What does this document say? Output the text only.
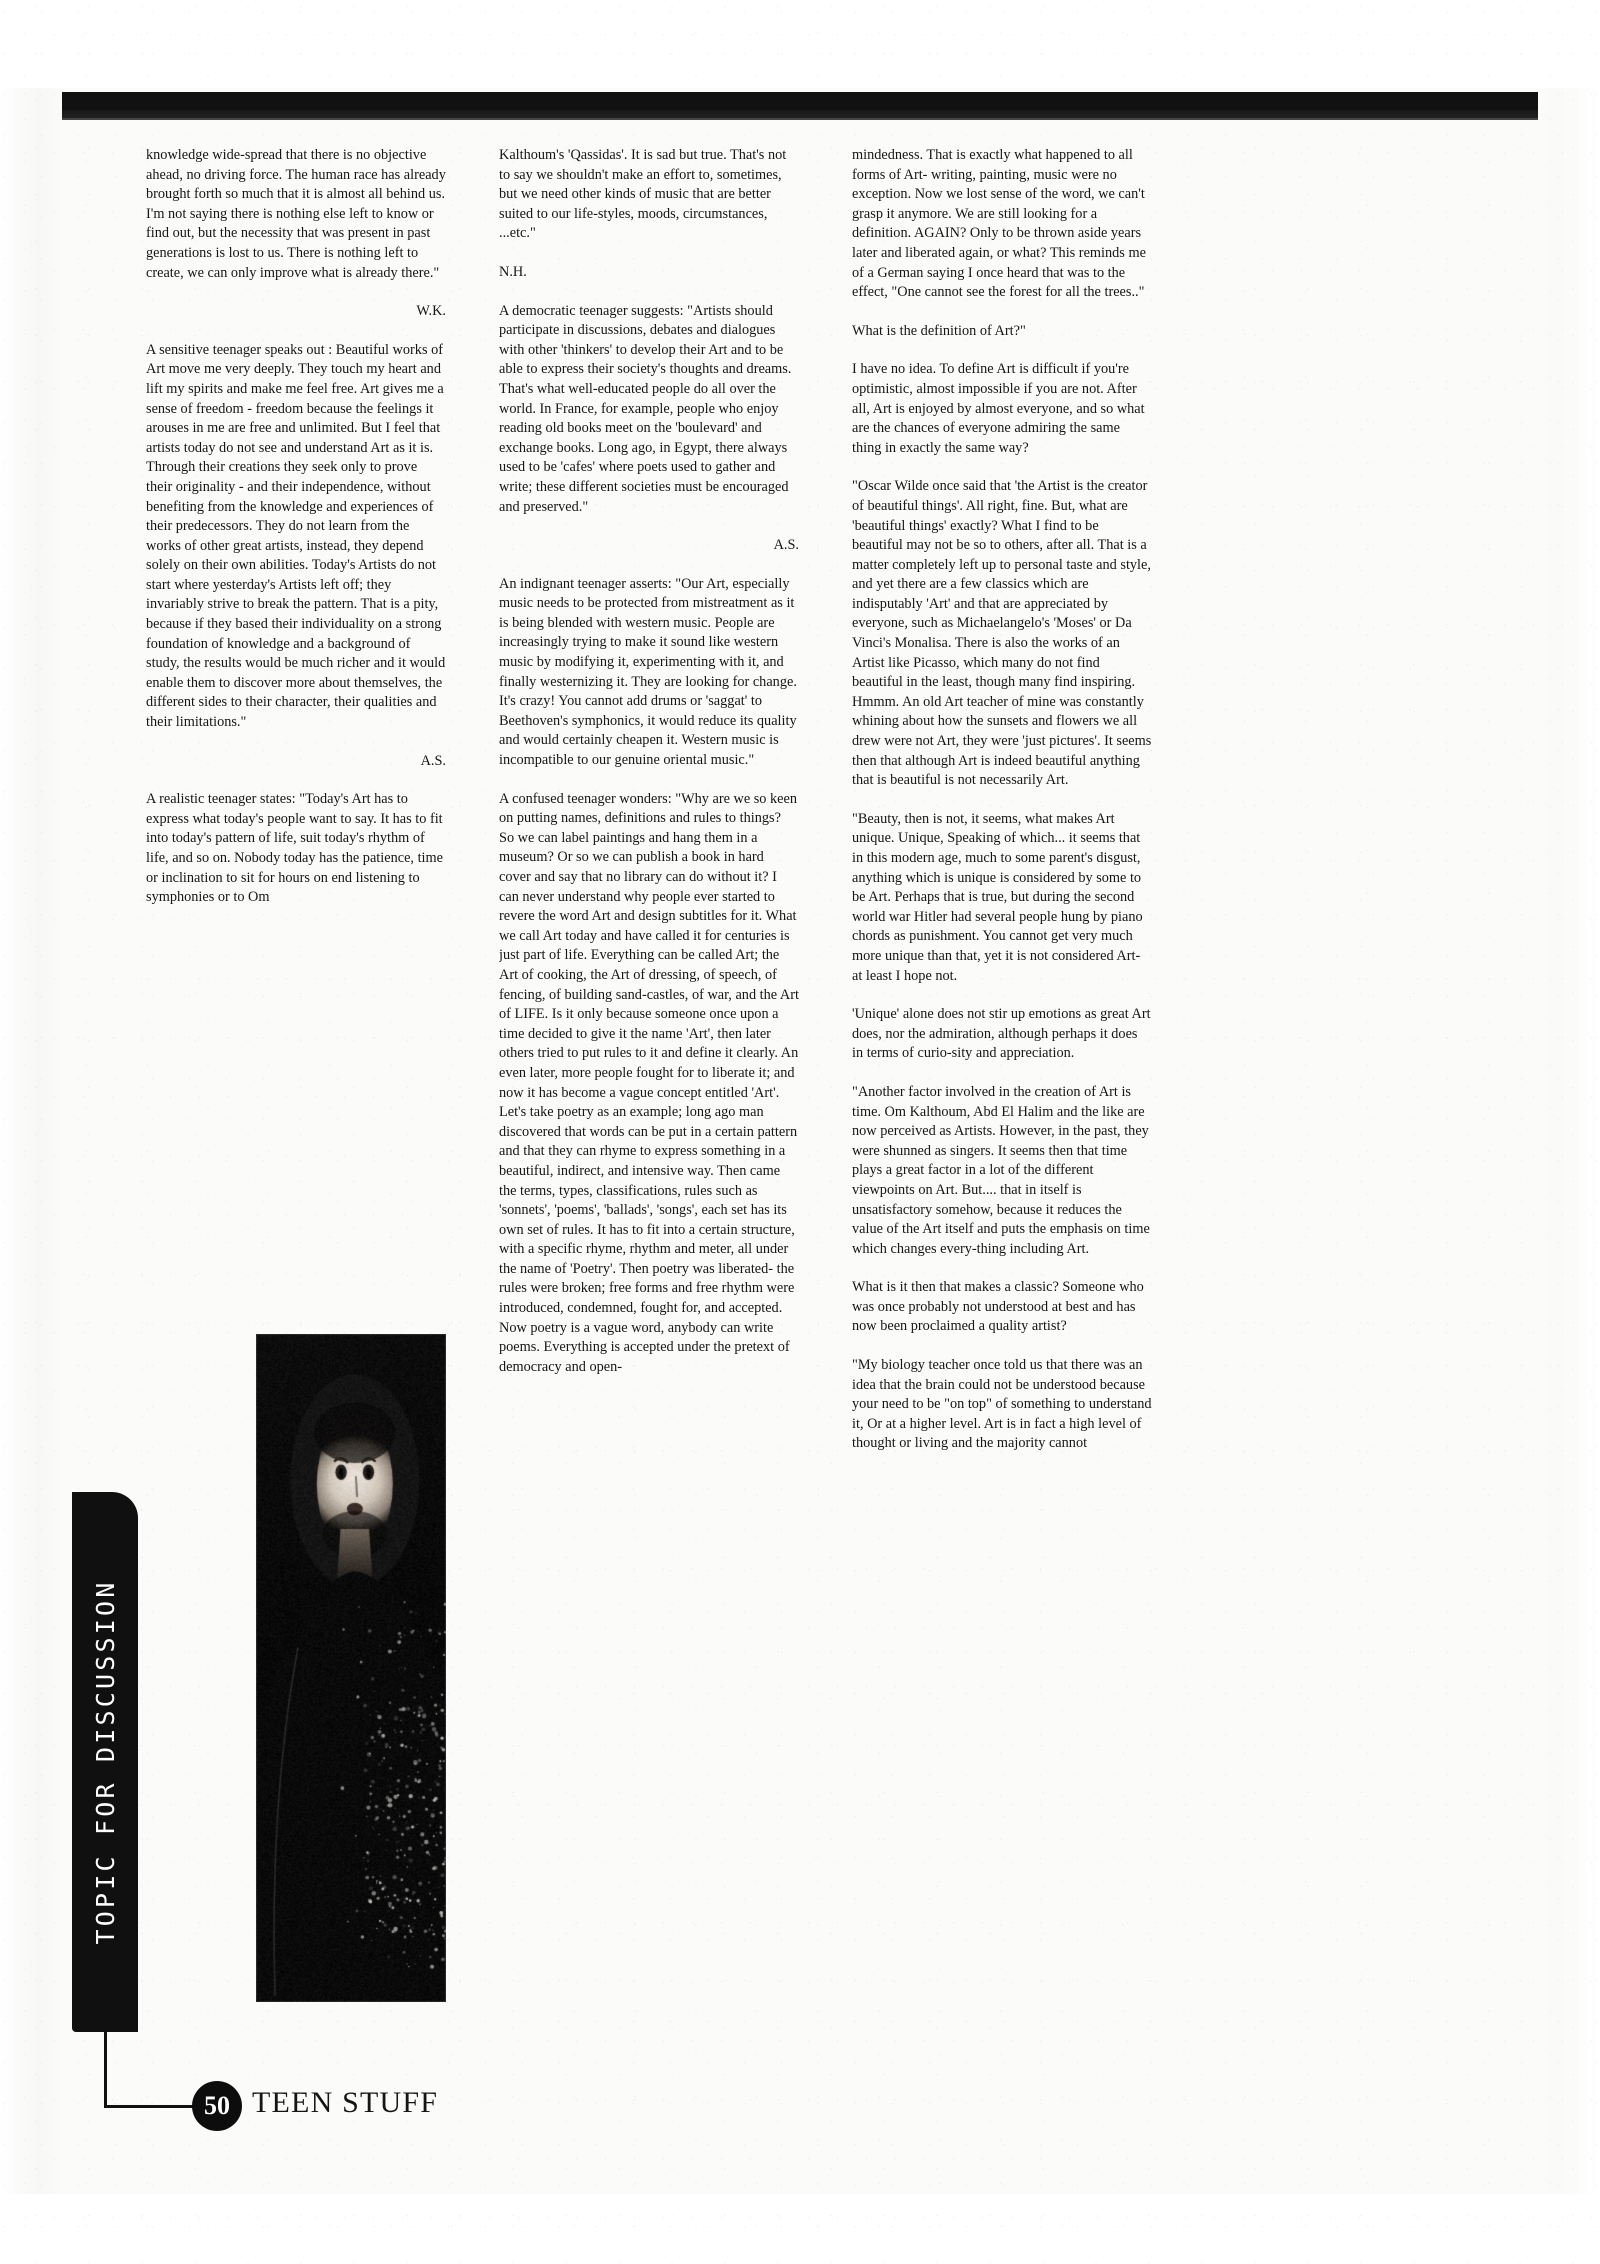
knowledge wide-spread that there is no objective ahead, no driving force. The human race has already brought forth so much that it is almost all behind us. I'm not saying there is nothing else left to know or find out, but the necessity that was present in past generations is lost to us. There is nothing left to create, we can only improve what is already there."

W.K.

A sensitive teenager speaks out : Beautiful works of Art move me very deeply. They touch my heart and lift my spirits and make me feel free. Art gives me a sense of freedom - freedom because the feelings it arouses in me are free and unlimited. But I feel that artists today do not see and understand Art as it is. Through their creations they seek only to prove their originality - and their independence, without benefiting from the knowledge and experiences of their predecessors. They do not learn from the works of other great artists, instead, they depend solely on their own abilities. Today's Artists do not start where yesterday's Artists left off; they invariably strive to break the pattern. That is a pity, because if they based their individuality on a strong foundation of knowledge and a background of study, the results would be much richer and it would enable them to discover more about themselves, the different sides to their character, their qualities and their limitations."

A.S.

A realistic teenager states: "Today's Art has to express what today's people want to say. It has to fit into today's pattern of life, suit today's rhythm of life, and so on. Nobody today has the patience, time or inclination to sit for hours on end listening to symphonies or to Om

Kalthoum's 'Qassidas'. It is sad but true. That's not to say we shouldn't make an effort to, sometimes, but we need other kinds of music that are better suited to our life-styles, moods, circumstances, ...etc."

N.H.

A democratic teenager suggests: "Artists should participate in discussions, debates and dialogues with other 'thinkers' to develop their Art and to be able to express their society's thoughts and dreams. That's what well-educated people do all over the world. In France, for example, people who enjoy reading old books meet on the 'boulevard' and exchange books. Long ago, in Egypt, there always used to be 'cafes' where poets used to gather and write; these different societies must be encouraged and preserved."

A.S.

An indignant teenager asserts: "Our Art, especially music needs to be protected from mistreatment as it is being blended with western music. People are increasingly trying to make it sound like western music by modifying it, experimenting with it, and finally westernizing it. They are looking for change. It's crazy! You cannot add drums or 'saggat' to Beethoven's symphonics, it would reduce its quality and would certainly cheapen it. Western music is incompatible to our genuine oriental music."

A confused teenager wonders: "Why are we so keen on putting names, definitions and rules to things? So we can label paintings and hang them in a museum? Or so we can publish a book in hard cover and say that no library can do without it? I can never understand why people ever started to revere the word Art and design subtitles for it. What we call Art today and have called it for centuries is just part of life. Everything can be called Art; the Art of cooking, the Art of dressing, of speech, of fencing, of building sand-castles, of war, and the Art of LIFE. Is it only because someone once upon a time decided to give it the name 'Art', then later others tried to put rules to it and define it clearly. An even later, more people fought for to liberate it; and now it has become a vague concept entitled 'Art'. Let's take poetry as an example; long ago man discovered that words can be put in a certain pattern and that they can rhyme to express something in a beautiful, indirect, and intensive way. Then came the terms, types, classifications, rules such as 'sonnets', 'poems', 'ballads', 'songs', each set has its own set of rules. It has to fit into a certain structure, with a specific rhyme, rhythm and meter, all under the name of 'Poetry'. Then poetry was liberated- the rules were broken; free forms and free rhythm were introduced, condemned, fought for, and accepted. Now poetry is a vague word, anybody can write poems. Everything is accepted under the pretext of democracy and open-

mindedness. That is exactly what happened to all forms of Art- writing, painting, music were no exception. Now we lost sense of the word, we can't grasp it anymore. We are still looking for a definition. AGAIN? Only to be thrown aside years later and liberated again, or what? This reminds me of a German saying I once heard that was to the effect, "One cannot see the forest for all the trees.."

What is the definition of Art?"

I have no idea. To define Art is difficult if you're optimistic, almost impossible if you are not. After all, Art is enjoyed by almost everyone, and so what are the chances of everyone admiring the same thing in exactly the same way?

"Oscar Wilde once said that 'the Artist is the creator of beautiful things'. All right, fine. But, what are 'beautiful things' exactly? What I find to be beautiful may not be so to others, after all. That is a matter completely left up to personal taste and style, and yet there are a few classics which are indisputably 'Art' and that are appreciated by everyone, such as Michaelangelo's 'Moses' or Da Vinci's Monalisa. There is also the works of an Artist like Picasso, which many do not find beautiful in the least, though many find inspiring. Hmmm. An old Art teacher of mine was constantly whining about how the sunsets and flowers we all drew were not Art, they were 'just pictures'. It seems then that although Art is indeed beautiful anything that is beautiful is not necessarily Art.

"Beauty, then is not, it seems, what makes Art unique. Unique, Speaking of which... it seems that in this modern age, much to some parent's disgust, anything which is unique is considered by some to be Art. Perhaps that is true, but during the second world war Hitler had several people hung by piano chords as punishment. You cannot get very much more unique than that, yet it is not considered Art- at least I hope not.

'Unique' alone does not stir up emotions as great Art does, nor the admiration, although perhaps it does in terms of curio-sity and appreciation.

"Another factor involved in the creation of Art is time. Om Kalthoum, Abd El Halim and the like are now perceived as Artists. However, in the past, they were shunned as singers. It seems then that time plays a great factor in a lot of the different viewpoints on Art. But.... that in itself is unsatisfactory somehow, because it reduces the value of the Art itself and puts the emphasis on time which changes every-thing including Art.

What is it then that makes a classic? Someone who was once probably not understood at best and has now been proclaimed a quality artist?

"My biology teacher once told us that there was an idea that the brain could not be understood because your need to be "on top" of something to understand it, Or at a higher level. Art is in fact a high level of thought or living and the majority cannot

TOPIC FOR DISCUSSION
50 TEEN STUFF
